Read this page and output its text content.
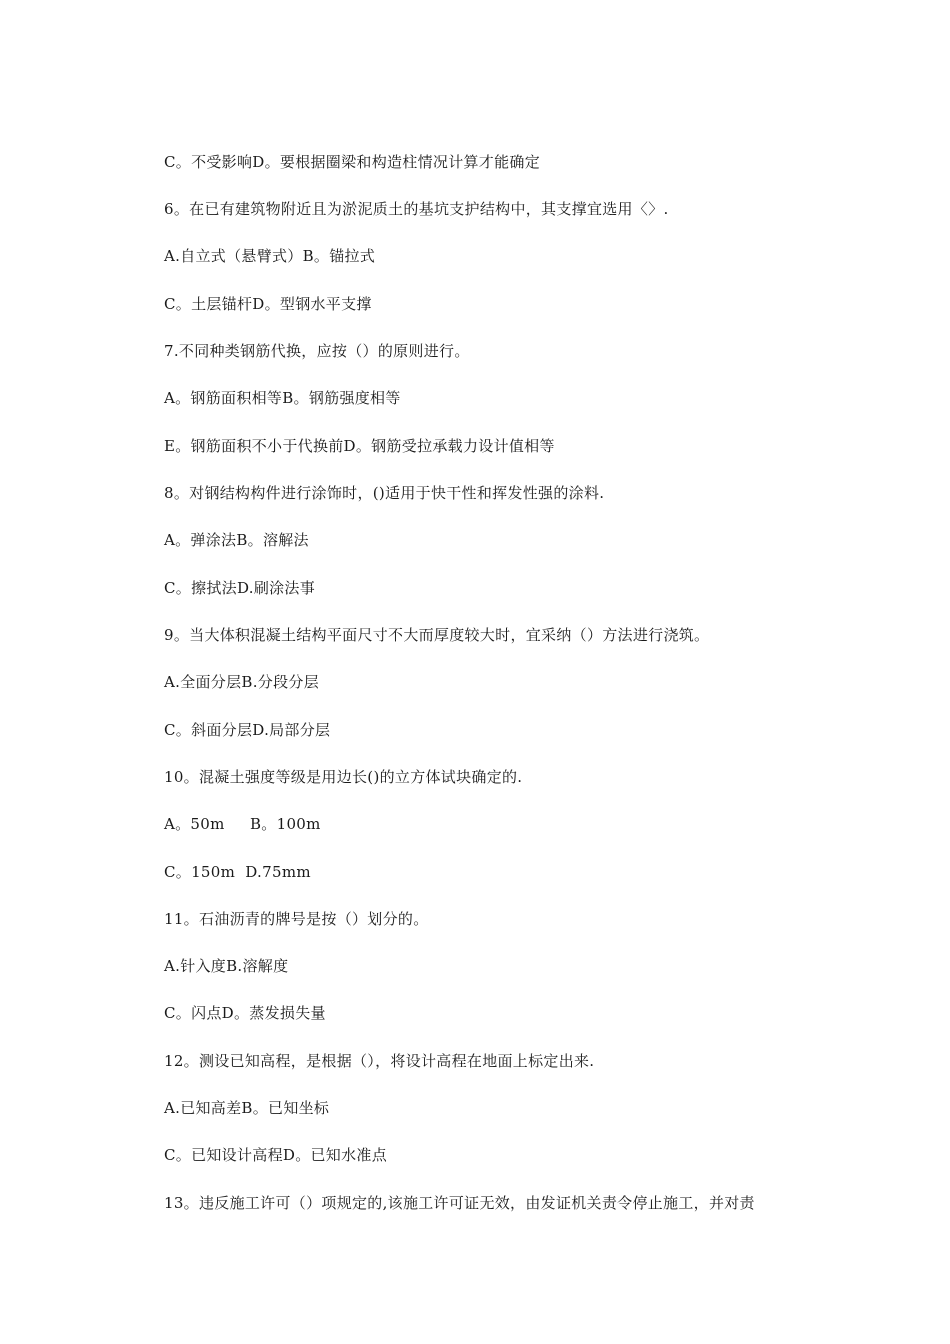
C。不受影响D。要根据圈梁和构造柱情况计算才能确定
6。在已有建筑物附近且为淤泥质土的基坑支护结构中，其支撑宜选用〈〉.
A.自立式（悬臂式）B。锚拉式
C。土层锚杆D。型钢水平支撑
7.不同种类钢筋代换，应按（）的原则进行。
A。钢筋面积相等B。钢筋强度相等
E。钢筋面积不小于代换前D。钢筋受拉承载力设计值相等
8。对钢结构构件进行涂饰时，()适用于快干性和挥发性强的涂料.
A。弹涂法B。溶解法
C。擦拭法D.刷涂法事
9。当大体积混凝土结构平面尺寸不大而厚度较大时，宜采纳（）方法进行浇筑。
A.全面分层B.分段分层
C。斜面分层D.局部分层
10。混凝土强度等级是用边长()的立方体试块确定的.
A。50m     B。100m
C。150m  D.75mm
11。石油沥青的牌号是按（）划分的。
A.针入度B.溶解度
C。闪点D。蒸发损失量
12。测设已知高程，是根据（），将设计高程在地面上标定出来.
A.已知高差B。已知坐标
C。已知设计高程D。已知水准点
13。违反施工许可（）项规定的,该施工许可证无效，由发证机关责令停止施工，并对责
